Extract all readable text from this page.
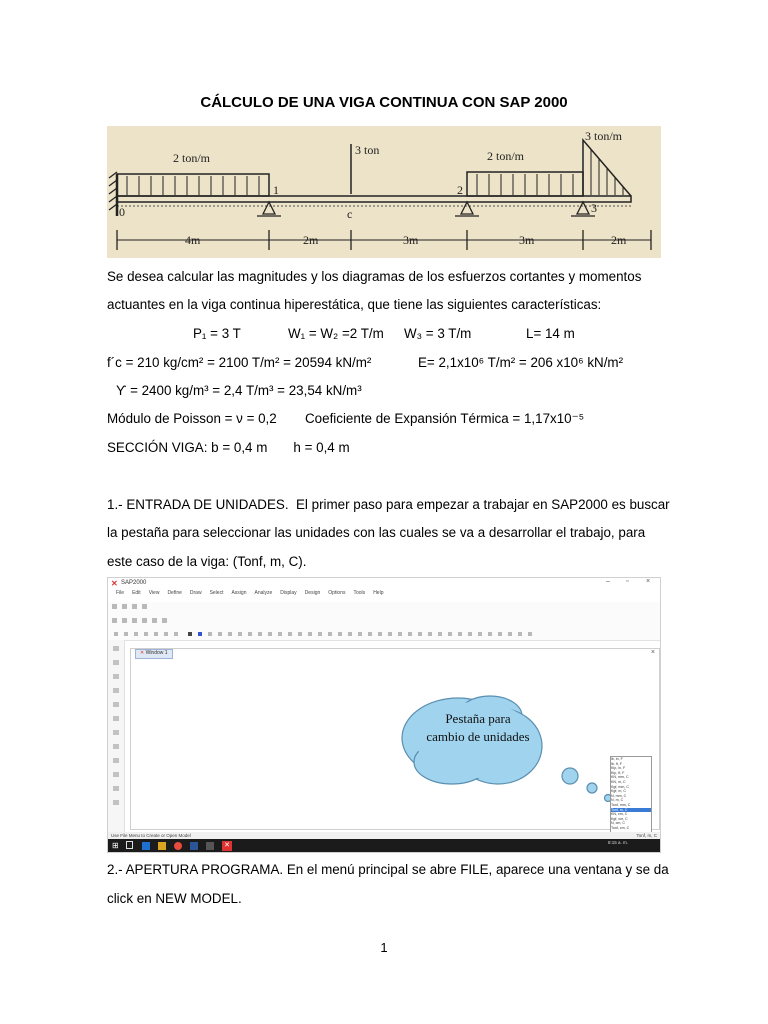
CÁLCULO DE UNA VIGA CONTINUA CON SAP 2000
2 ton/m
3 ton	2 ton/m
3 ton/m
0
1
c
2
3
4m	2m	3m	3m	2m
Se desea calcular las magnitudes y los diagramas de los esfuerzos cortantes y momentos
actuantes en la viga continua hiperestática, que tiene las siguientes características:
P₁ = 3 T	W₁ = W₂ =2 T/m W₃ = 3 T/m	L= 14 m
f´c = 210 kg/cm² = 2100 T/m² = 20594 kN/m²	E= 2,1x10⁶ T/m² = 206 x10⁶ kN/m²
ϒ = 2400 kg/m³ = 2,4 T/m³ = 23,54 kN/m³
Módulo de Poisson = ν = 0,2 Coeficiente de Expansión Térmica = 1,17x10⁻⁵
SECCIÓN VIGA: b = 0,4 m       h = 0,4 m
1.- ENTRADA DE UNIDADES.  El primer paso para empezar a trabajar en SAP2000 es buscar
la pestaña para seleccionar las unidades con las cuales se va a desarrollar el trabajo, para
este caso de la viga: (Tonf, m, C).
✕ SAP2000	– ▫	×
File Edit View Define Draw Select Assign Analyze Display Design Options Tools Help
✕ Window 1	×
Pestaña para cambio de unidades
lb, in, F
lb, ft, F
Kip, in, F
Kip, ft, F
KN, mm, C
KN, m, C
Kgf, mm, C
Kgf, m, C
N, mm, C
N, m, C
Tonf, mm, C
Tonf, m, C
KN, cm, C
Kgf, cm, C
N, cm, C
Tonf, cm, C
Use File Menu to Create or Open Model	Tonf, m, C
⊞	✕	8:15 a. m.
2.- APERTURA PROGRAMA. En el menú principal se abre FILE, aparece una ventana y se da
click en NEW MODEL.
1
